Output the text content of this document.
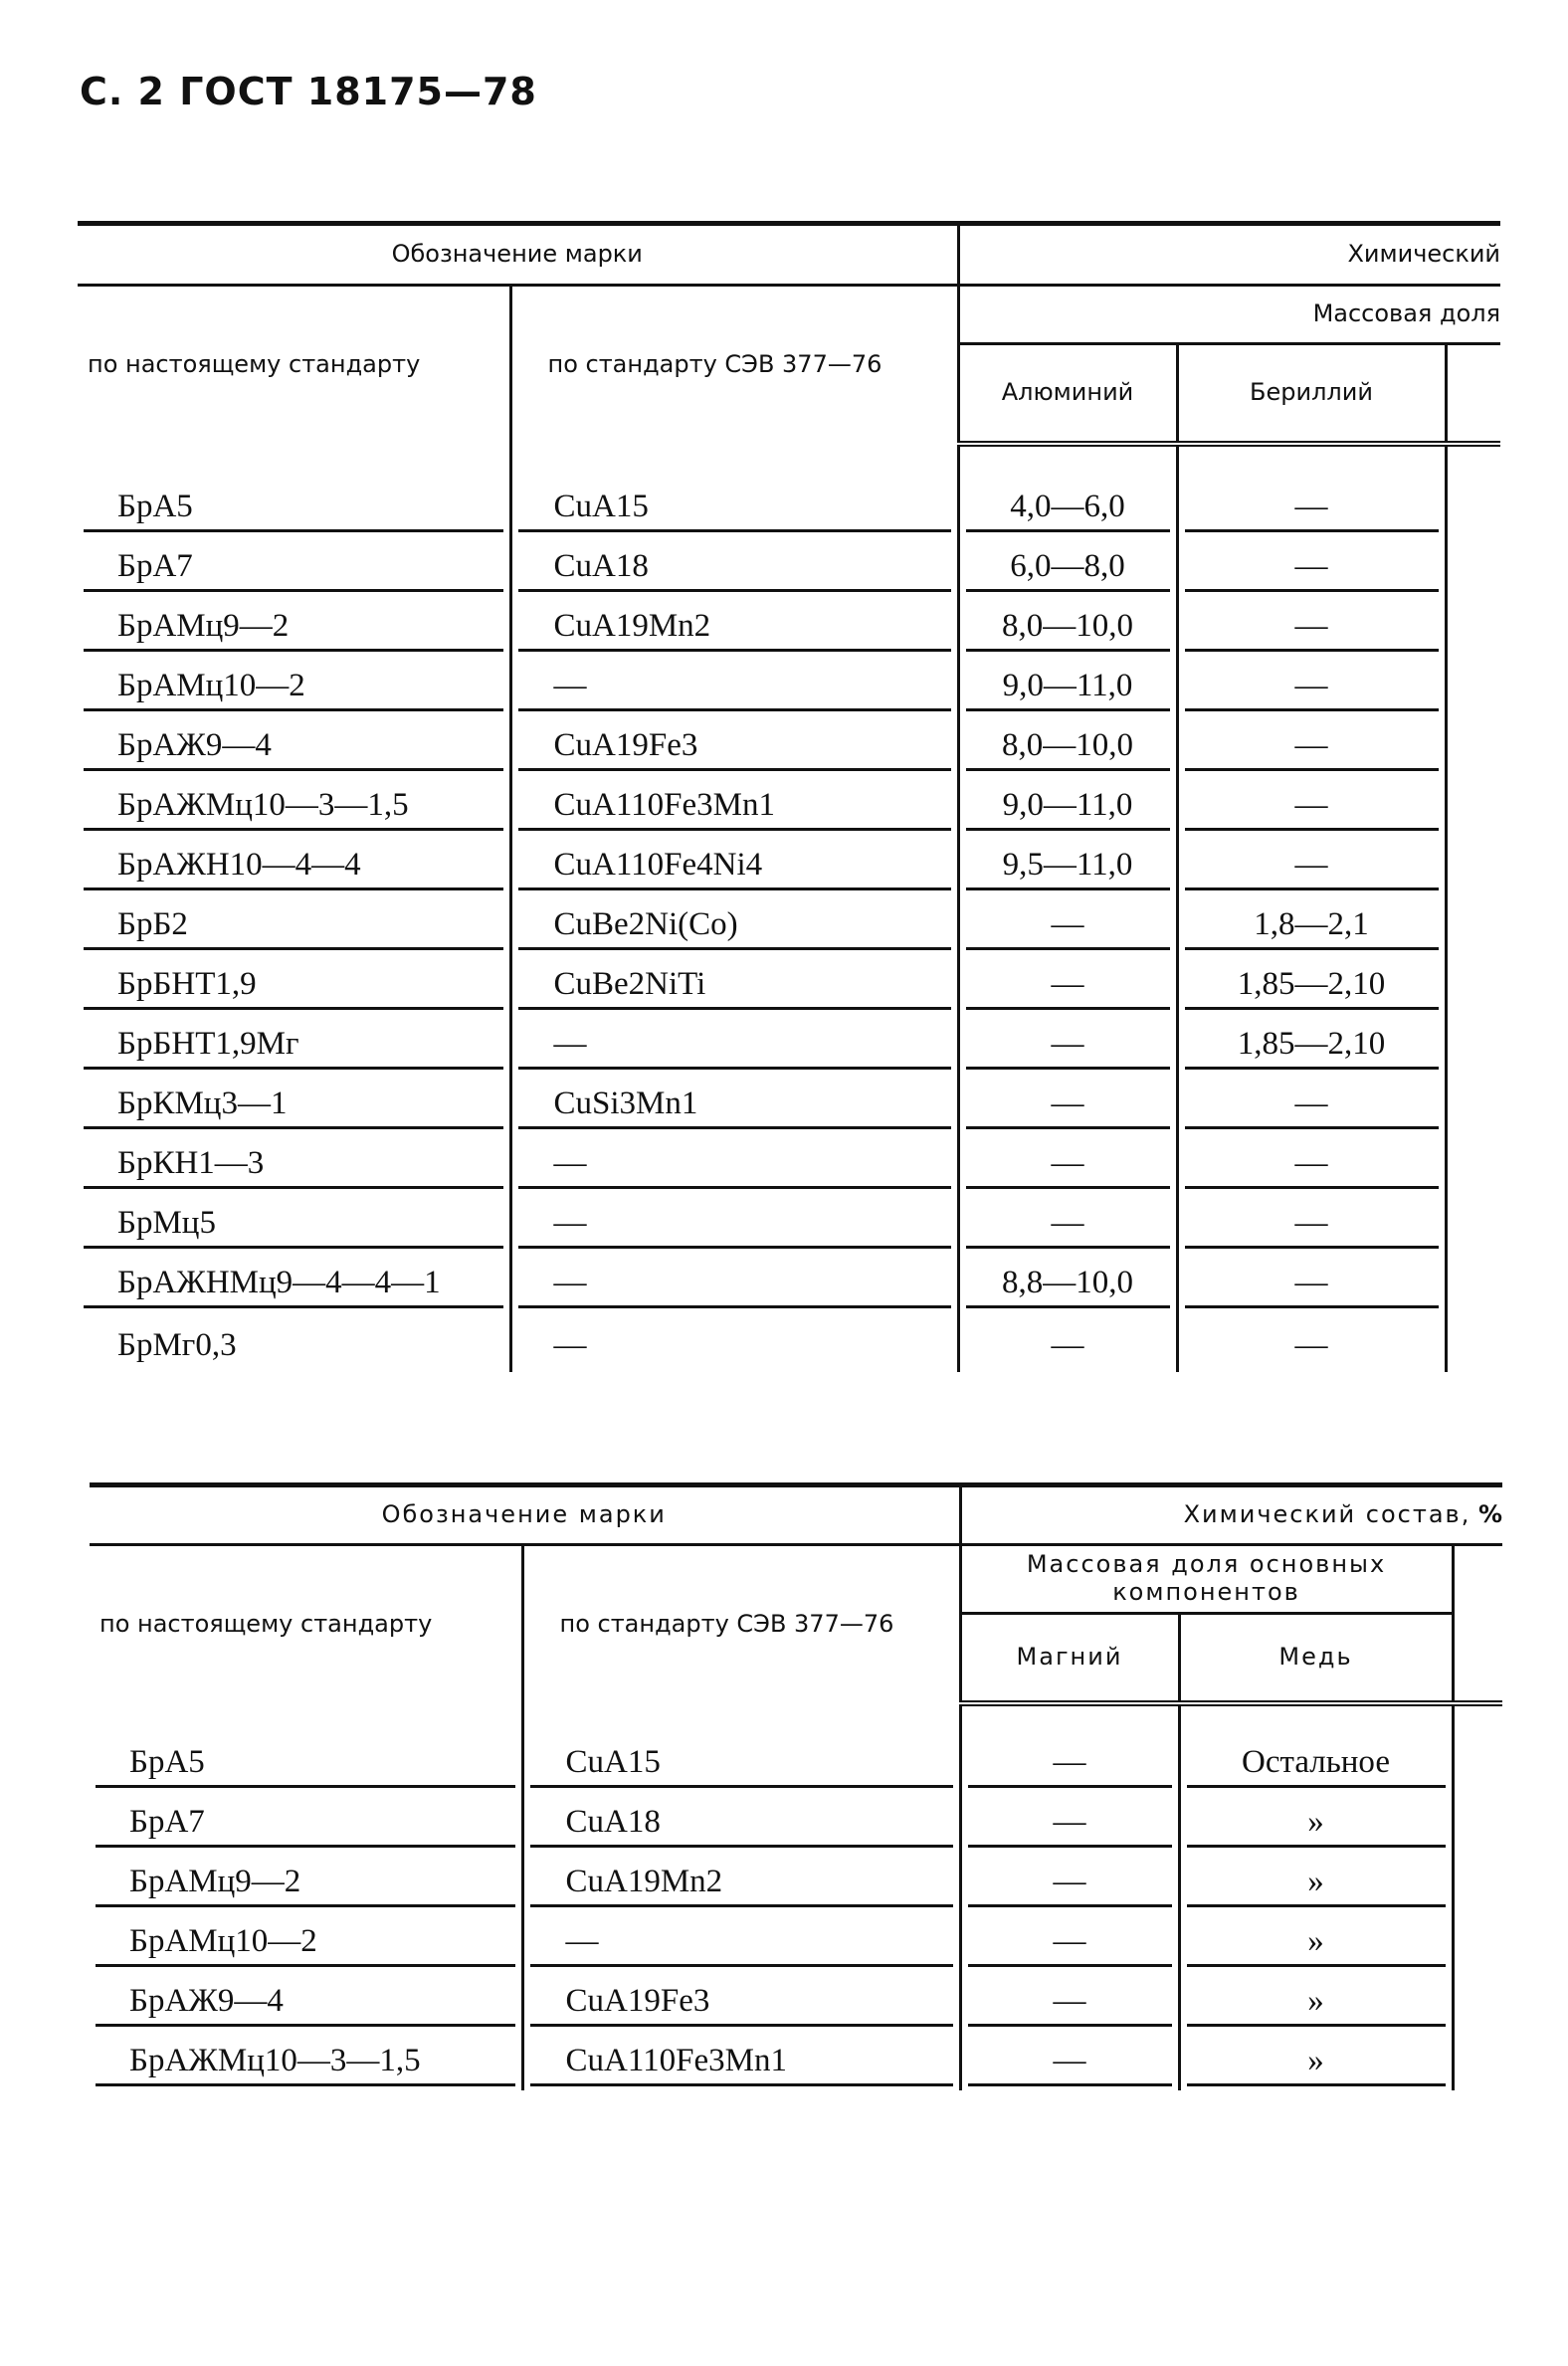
С. 2 ГОСТ 18175—78
Обозначение марки		Химический		
по настоящему стандарту	по стандарту СЭВ 377—76	Массовая доля		
		Алюминий	Бериллий	

БрА5	CuA15	4,0—6,0	—	

БрА7	CuA18	6,0—8,0	—	

БрАМц9—2	CuA19Mn2	8,0—10,0	—	

БрАМц10—2	—	9,0—11,0	—	

БрАЖ9—4	CuA19Fe3	8,0—10,0	—	

БрАЖМц10—3—1,5	CuA110Fe3Mn1	9,0—11,0	—	

БрАЖН10—4—4	CuA110Fe4Ni4	9,5—11,0	—	

БрБ2	CuBe2Ni(Co)	—	1,8—2,1	

БрБНТ1,9	CuBe2NiTi	—	1,85—2,10	

БрБНТ1,9Мг	—	—	1,85—2,10	

БрКМц3—1	CuSi3Mn1	—	—	

БрКН1—3	—	—	—	

БрМц5	—	—	—	

БрАЖНМц9—4—4—1	—	8,8—10,0	—	

БрМг0,3	—	—	—	

Обозначение марки		Химический состав, %		
по настоящему стандарту	по стандарту СЭВ 377—76	Массовая доля основных компонентов		
		Магний	Медь	

БрА5	CuA15	—	Остальное	

БрА7	CuA18	—	»	

БрАМц9—2	CuA19Mn2	—	»	

БрАМц10—2	—	—	»	

БрАЖ9—4	CuA19Fe3	—	»	

БрАЖМц10—3—1,5	CuA110Fe3Mn1	—	»	
